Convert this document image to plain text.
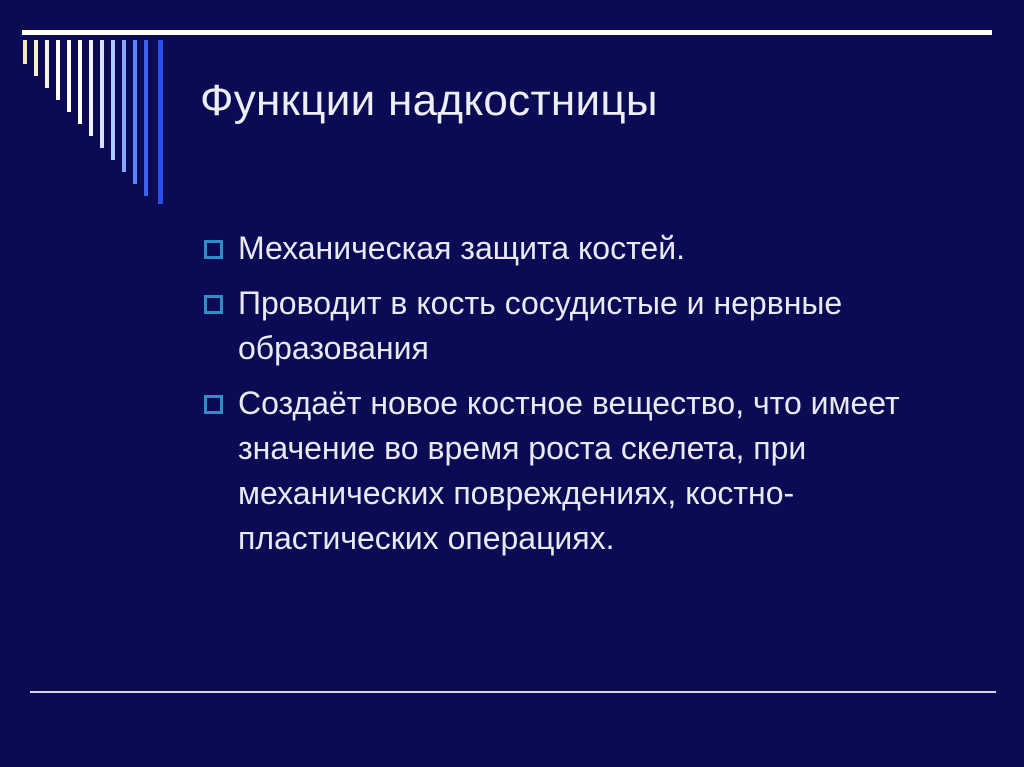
Функции надкостницы
Механическая защита костей.
Проводит в кость сосудистые и нервные образования
Создаёт новое костное вещество, что имеет значение во время роста скелета, при механических повреждениях, костно-пластических операциях.
